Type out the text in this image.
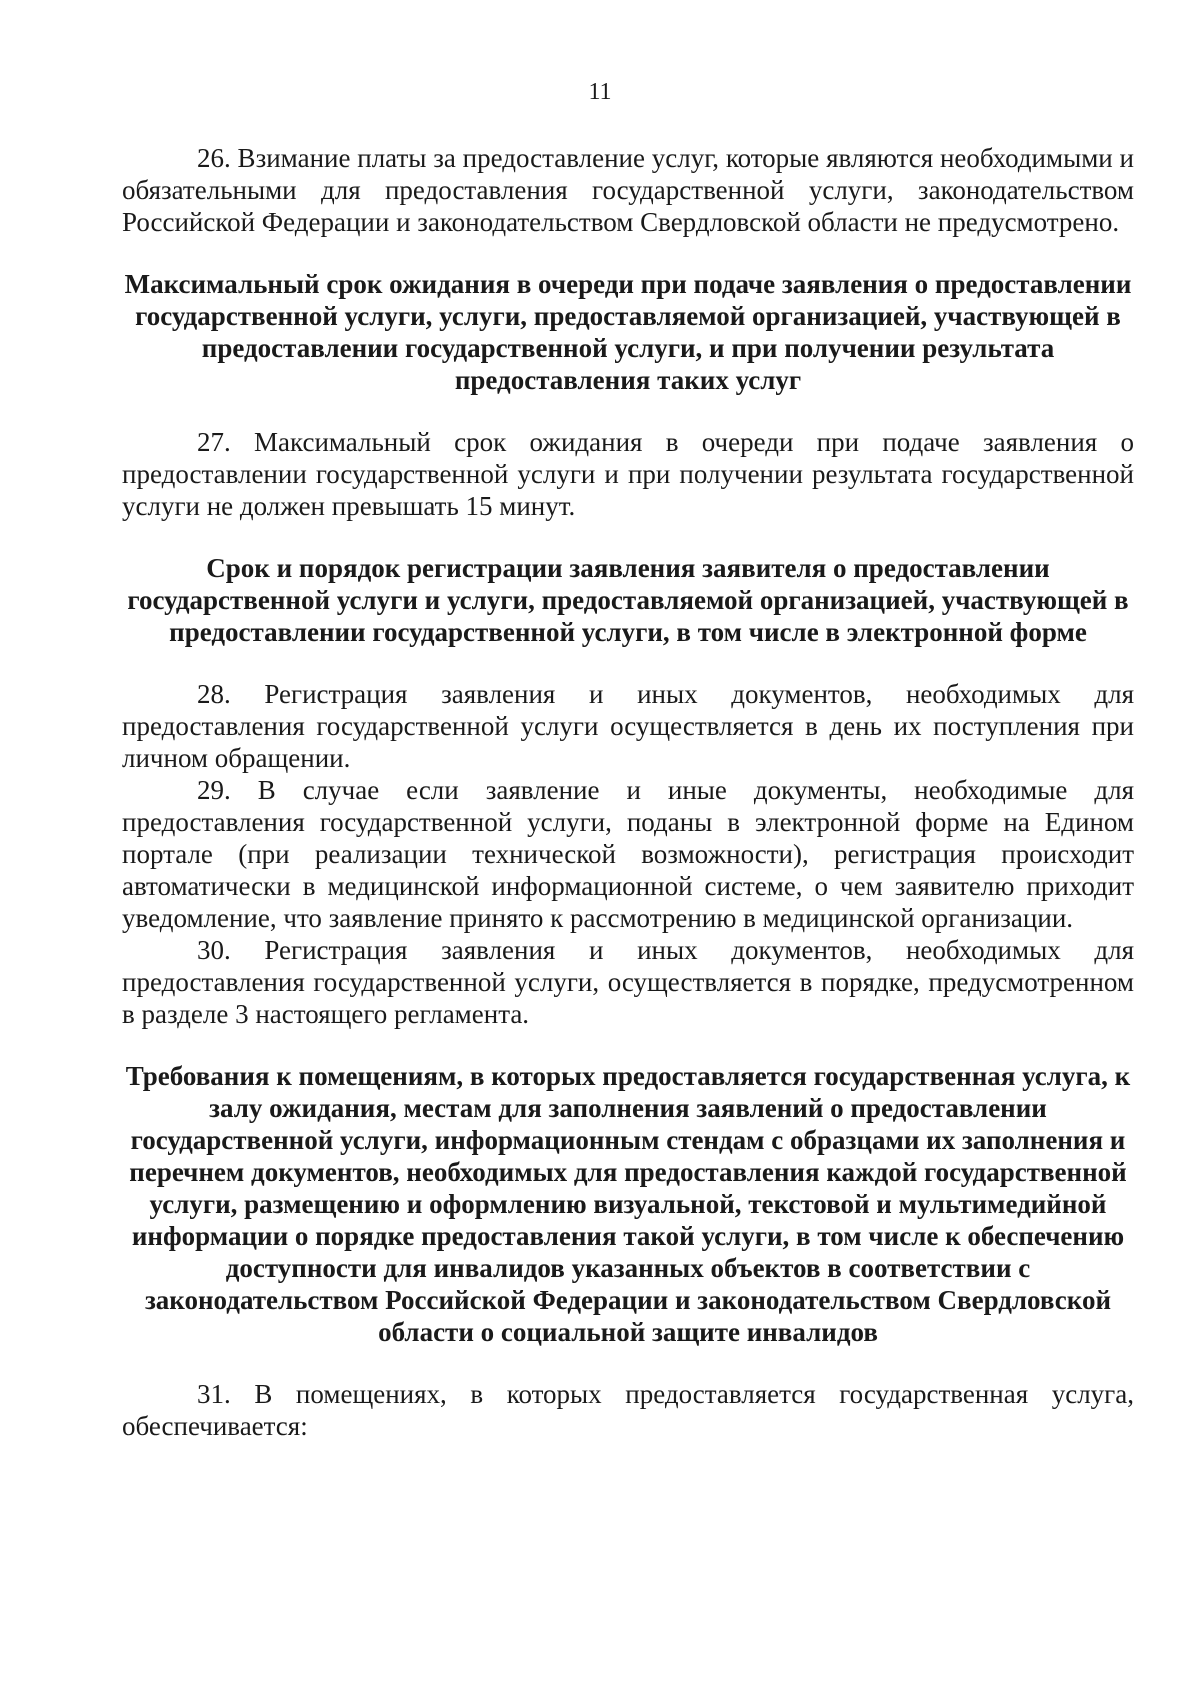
11

26. Взимание платы за предоставление услуг, которые являются необходимыми и обязательными для предоставления государственной услуги, законодательством Российской Федерации и законодательством Свердловской области не предусмотрено.

Максимальный срок ожидания в очереди при подаче заявления о предоставлении государственной услуги, услуги, предоставляемой организацией, участвующей в предоставлении государственной услуги, и при получении результата предоставления таких услуг

27. Максимальный срок ожидания в очереди при подаче заявления о предоставлении государственной услуги и при получении результата государственной услуги не должен превышать 15 минут.

Срок и порядок регистрации заявления заявителя о предоставлении государственной услуги и услуги, предоставляемой организацией, участвующей в предоставлении государственной услуги, в том числе в электронной форме

28. Регистрация заявления и иных документов, необходимых для предоставления государственной услуги осуществляется в день их поступления при личном обращении.

29. В случае если заявление и иные документы, необходимые для предоставления государственной услуги, поданы в электронной форме на Едином портале (при реализации технической возможности), регистрация происходит автоматически в медицинской информационной системе, о чем заявителю приходит уведомление, что заявление принято к рассмотрению в медицинской организации.

30. Регистрация заявления и иных документов, необходимых для предоставления государственной услуги, осуществляется в порядке, предусмотренном в разделе 3 настоящего регламента.

Требования к помещениям, в которых предоставляется государственная услуга, к залу ожидания, местам для заполнения заявлений о предоставлении государственной услуги, информационным стендам с образцами их заполнения и перечнем документов, необходимых для предоставления каждой государственной услуги, размещению и оформлению визуальной, текстовой и мультимедийной информации о порядке предоставления такой услуги, в том числе к обеспечению доступности для инвалидов указанных объектов в соответствии с законодательством Российской Федерации и законодательством Свердловской области о социальной защите инвалидов

31. В помещениях, в которых предоставляется государственная услуга, обеспечивается:
